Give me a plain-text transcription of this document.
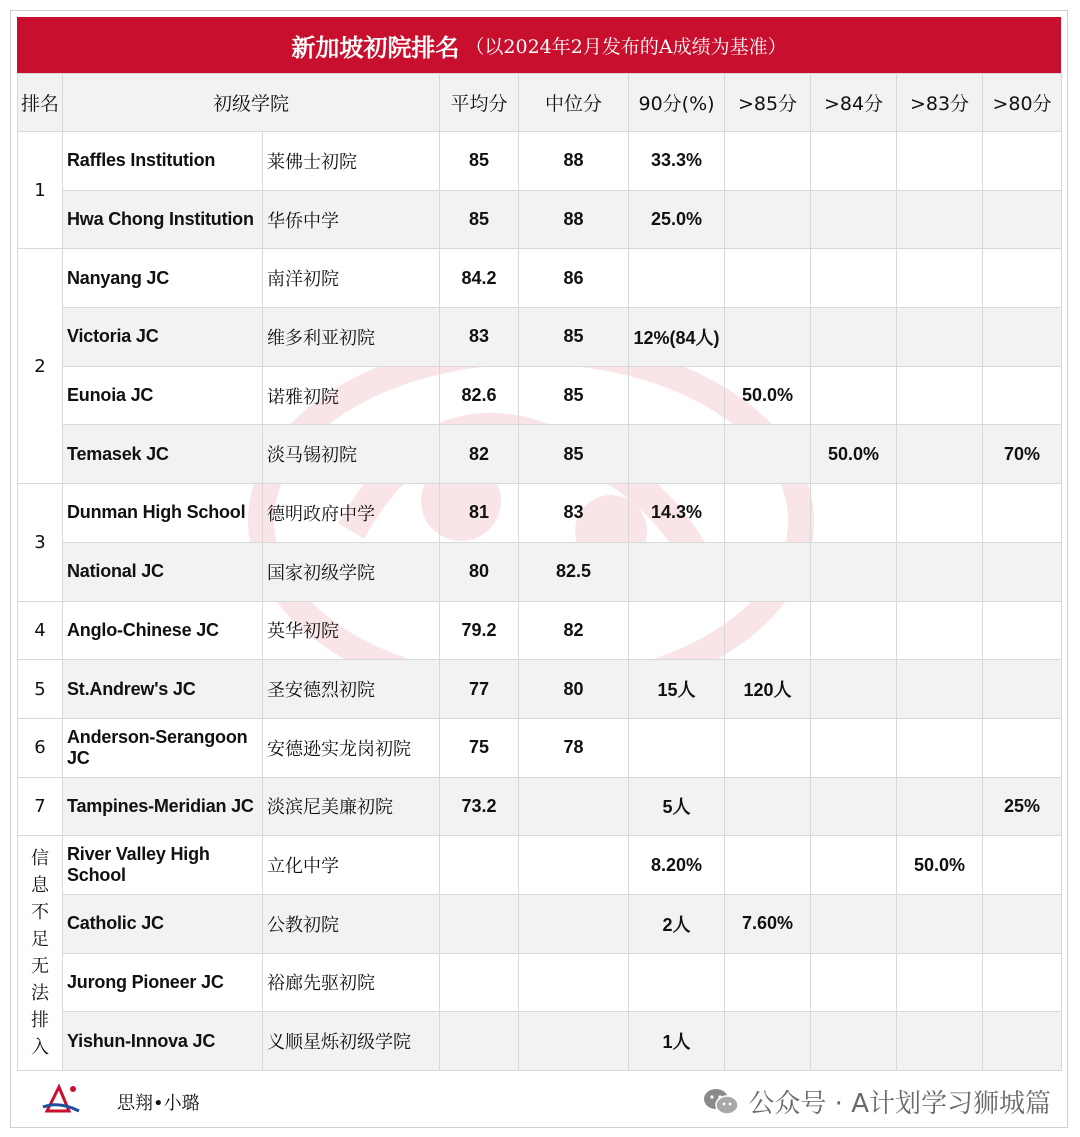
新加坡初院排名 （以2024年2月发布的A成绩为基准）
排名	初级学院		平均分	中位分	90分(%)	>85分	>84分	>83分	>80分
1	Raffles Institution	莱佛士初院	85	88	33.3%				
	Hwa Chong Institution	华侨中学	85	88	25.0%				
2	Nanyang JC	南洋初院	84.2	86					
	Victoria JC	维多利亚初院	83	85	12%(84人)				
	Eunoia JC	诺雅初院	82.6	85		50.0%			
	Temasek JC	淡马锡初院	82	85			50.0%		70%
3	Dunman High School	德明政府中学	81	83	14.3%				
	National JC	国家初级学院	80	82.5					
4	Anglo-Chinese JC	英华初院	79.2	82					
5	St.Andrew's JC	圣安德烈初院	77	80	15人	120人			
6	Anderson-Serangoon JC	安德逊实龙岗初院	75	78					
7	Tampines-Meridian JC	淡滨尼美廉初院	73.2		5人				25%
信息不足无法排入	River Valley High School	立化中学			8.20%			50.0%	
	Catholic JC	公教初院			2人	7.60%			
	Jurong Pioneer JC	裕廊先驱初院							
	Yishun-Innova JC	义顺星烁初级学院			1人				
思翔•小璐	公众号 · A计划学习狮城篇
